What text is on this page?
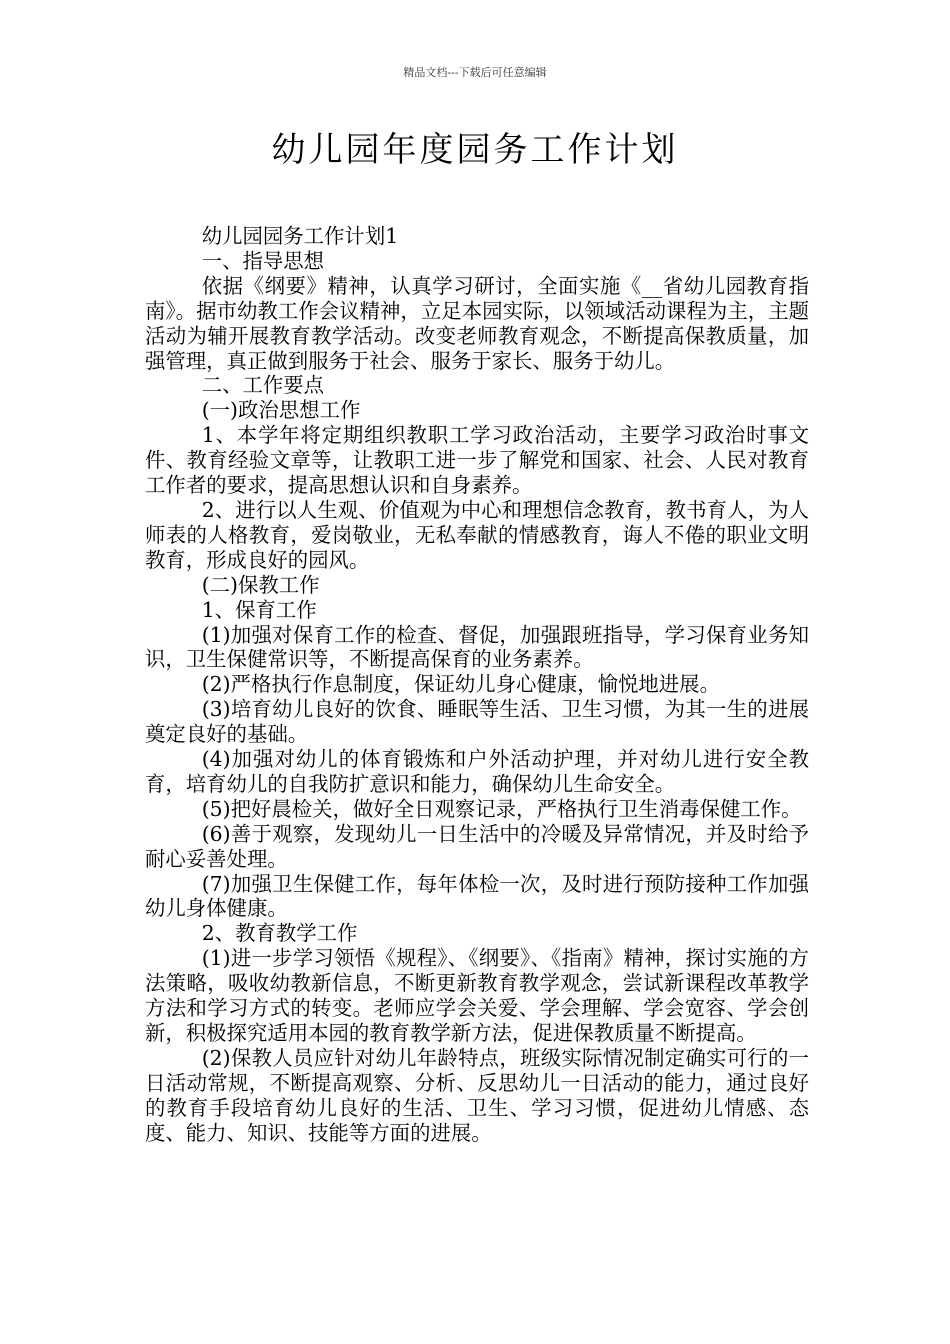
精品文档---下载后可任意编辑
幼儿园年度园务工作计划

幼儿园园务工作计划1

一、指导思想

依据《纲要》精神，认真学习研讨，全面实施《__省幼儿园教育指南》。据市幼教工作会议精神，立足本园实际，以领域活动课程为主，主题活动为辅开展教育教学活动。改变老师教育观念，不断提高保教质量，加强管理，真正做到服务于社会、服务于家长、服务于幼儿。

二、工作要点

(一)政治思想工作

1、本学年将定期组织教职工学习政治活动，主要学习政治时事文件、教育经验文章等，让教职工进一步了解党和国家、社会、人民对教育工作者的要求，提高思想认识和自身素养。

2、进行以人生观、价值观为中心和理想信念教育，教书育人，为人师表的人格教育，爱岗敬业，无私奉献的情感教育，诲人不倦的职业文明教育，形成良好的园风。

(二)保教工作

1、保育工作

(1)加强对保育工作的检查、督促，加强跟班指导，学习保育业务知识，卫生保健常识等，不断提高保育的业务素养。

(2)严格执行作息制度，保证幼儿身心健康，愉悦地进展。

(3)培育幼儿良好的饮食、睡眠等生活、卫生习惯，为其一生的进展奠定良好的基础。

(4)加强对幼儿的体育锻炼和户外活动护理，并对幼儿进行安全教育，培育幼儿的自我防扩意识和能力，确保幼儿生命安全。

(5)把好晨检关，做好全日观察记录，严格执行卫生消毒保健工作。

(6)善于观察，发现幼儿一日生活中的冷暖及异常情况，并及时给予耐心妥善处理。

(7)加强卫生保健工作，每年体检一次，及时进行预防接种工作加强幼儿身体健康。

2、教育教学工作

(1)进一步学习领悟《规程》、《纲要》、《指南》精神，探讨实施的方法策略，吸收幼教新信息，不断更新教育教学观念，尝试新课程改革教学方法和学习方式的转变。老师应学会关爱、学会理解、学会宽容、学会创新，积极探究适用本园的教育教学新方法，促进保教质量不断提高。

(2)保教人员应针对幼儿年龄特点，班级实际情况制定确实可行的一日活动常规，不断提高观察、分析、反思幼儿一日活动的能力，通过良好的教育手段培育幼儿良好的生活、卫生、学习习惯，促进幼儿情感、态度、能力、知识、技能等方面的进展。
